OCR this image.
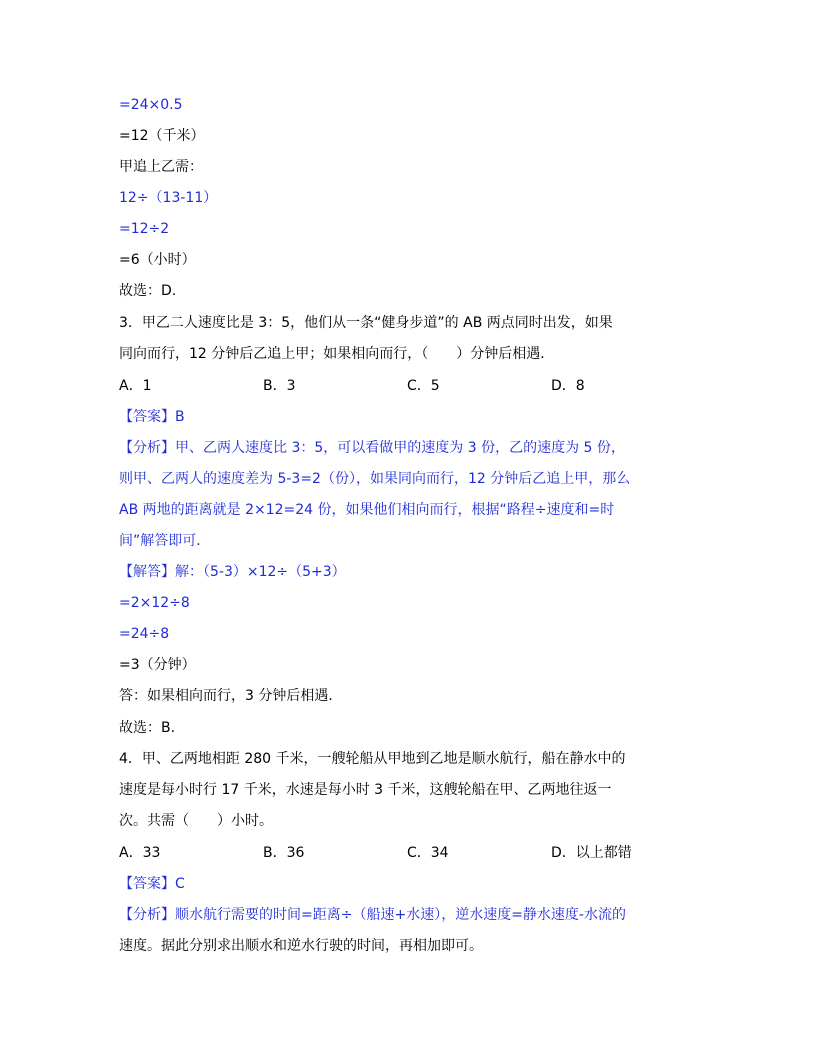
=24×0.5
=12（千米）
甲追上乙需：
12÷（13-11）
=12÷2
=6（小时）
故选：D.
3．甲乙二人速度比是 3：5，他们从一条“健身步道”的 AB 两点同时出发，如果
同向而行，12 分钟后乙追上甲；如果相向而行，（　　）分钟后相遇．
A．1	B．3	C．5	D．8
【答案】B
【分析】甲、乙两人速度比 3：5，可以看做甲的速度为 3 份，乙的速度为 5 份，
则甲、乙两人的速度差为 5-3=2（份），如果同向而行，12 分钟后乙追上甲，那么
AB 两地的距离就是 2×12=24 份，如果他们相向而行，根据“路程÷速度和=时
间”解答即可．
【解答】解：（5-3）×12÷（5+3）
=2×12÷8
=24÷8
=3（分钟）
答：如果相向而行，3 分钟后相遇．
故选：B.
4．甲、乙两地相距 280 千米，一艘轮船从甲地到乙地是顺水航行，船在静水中的
速度是每小时行 17 千米，水速是每小时 3 千米，这艘轮船在甲、乙两地往返一
次。共需（　　）小时。
A．33	B．36	C．34	D．以上都错
【答案】C
【分析】顺水航行需要的时间=距离÷（船速+水速），逆水速度=静水速度-水流的
速度。据此分别求出顺水和逆水行驶的时间，再相加即可。
